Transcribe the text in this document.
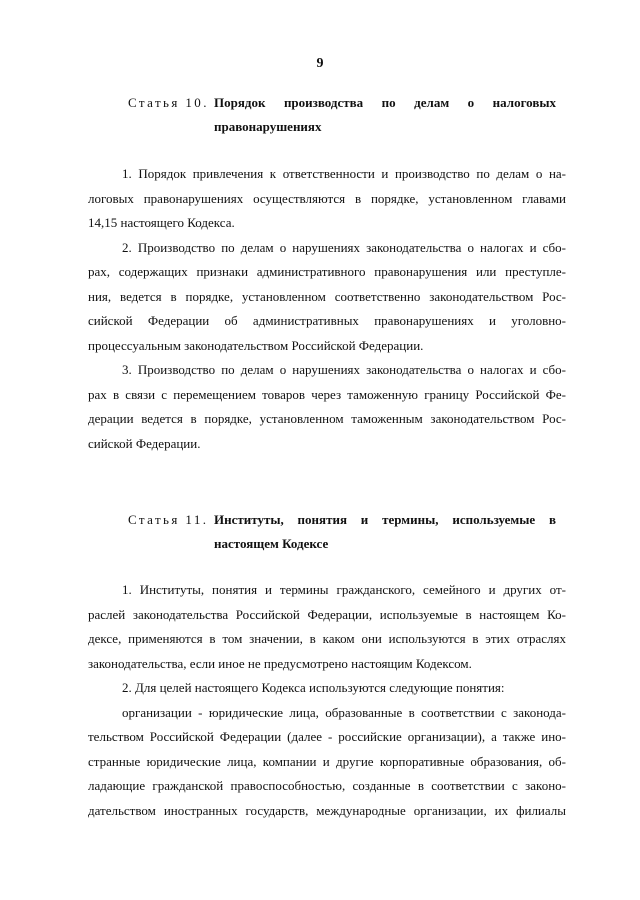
9
Статья 10. Порядок производства по делам о налоговых
правонарушениях

1. Порядок привлечения к ответственности и производство по делам о на-
логовых правонарушениях осуществляются в порядке, установленном главами
14,15 настоящего Кодекса.

2. Производство по делам о нарушениях законодательства о налогах и сбо-
рах, содержащих признаки административного правонарушения или преступле-
ния, ведется в порядке, установленном соответственно законодательством Рос-
сийской Федерации об административных правонарушениях и уголовно-
процессуальным законодательством Российской Федерации.

3. Производство по делам о нарушениях законодательства о налогах и сбо-
рах в связи с перемещением товаров через таможенную границу Российской Фе-
дерации ведется в порядке, установленном таможенным законодательством Рос-
сийской Федерации.

Статья 11. Институты, понятия и термины, используемые в
настоящем Кодексе

1. Институты, понятия и термины гражданского, семейного и других от-
раслей законодательства Российской Федерации, используемые в настоящем Ко-
дексе, применяются в том значении, в каком они используются в этих отраслях
законодательства, если иное не предусмотрено настоящим Кодексом.

2. Для целей настоящего Кодекса используются следующие понятия:

организации - юридические лица, образованные в соответствии с законода-
тельством Российской Федерации (далее - российские организации), а также ино-
странные юридические лица, компании и другие корпоративные образования, об-
ладающие гражданской правоспособностью, созданные в соответствии с законо-
дательством иностранных государств, международные организации, их филиалы
